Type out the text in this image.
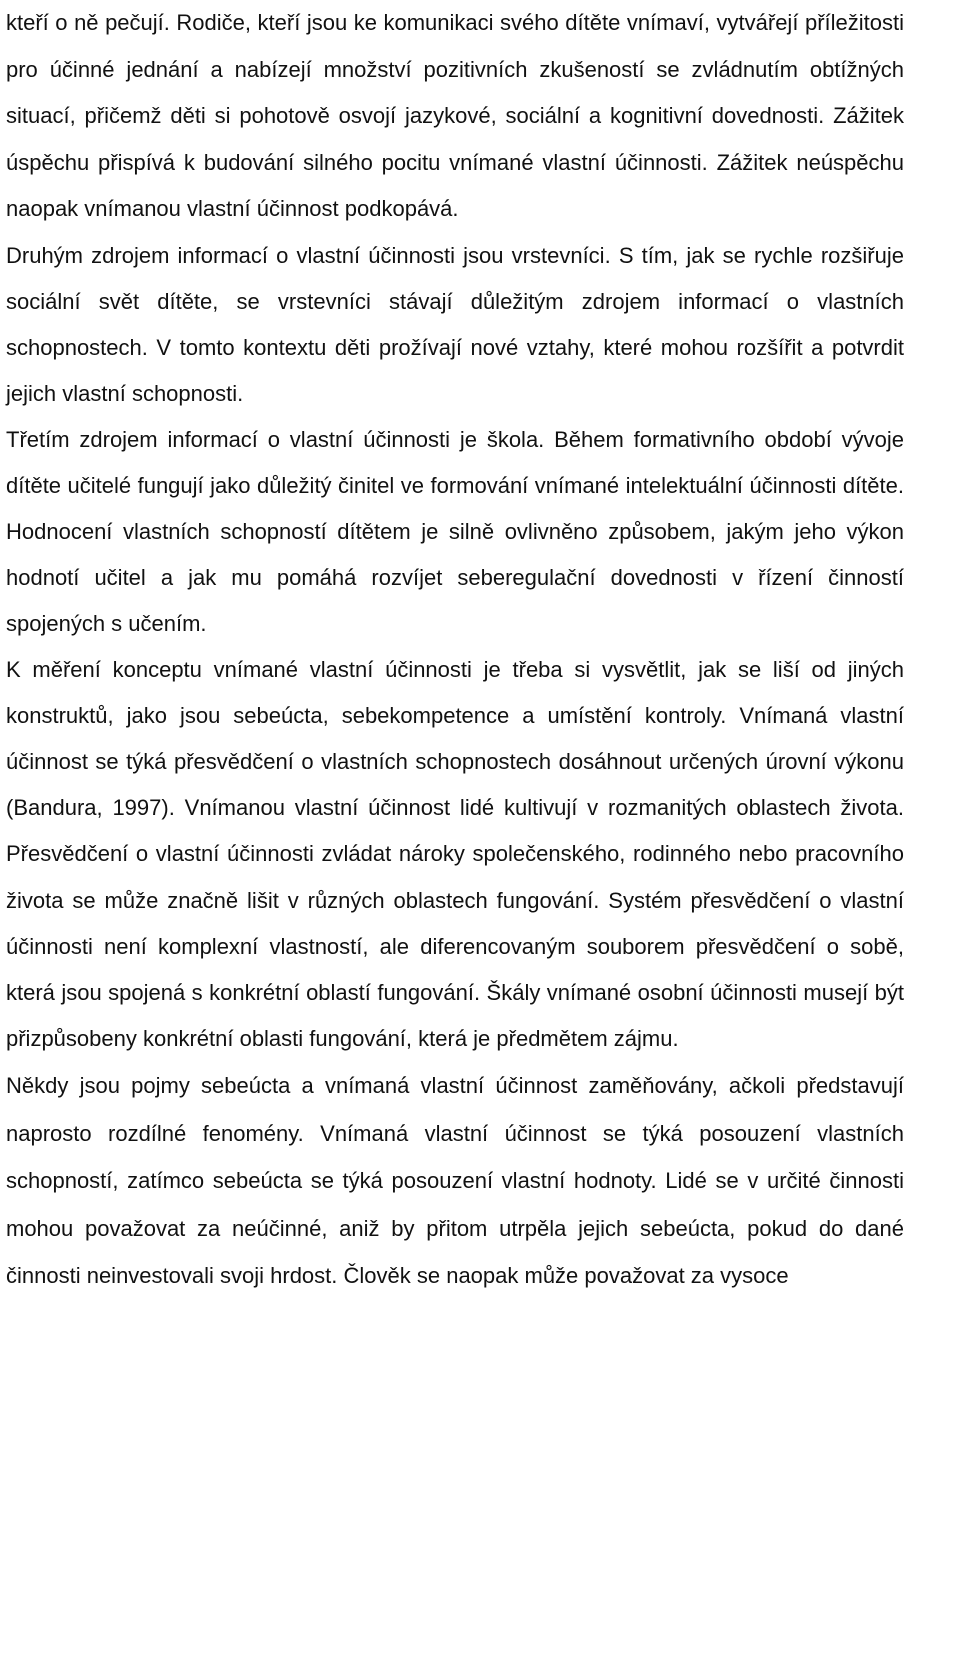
kteří o ně pečují. Rodiče, kteří jsou ke komunikaci svého dítěte vnímaví, vytvářejí příležitosti pro účinné jednání a nabízejí množství pozitivních zkušeností se zvládnutím obtížných situací, přičemž děti si pohotově osvojí jazykové, sociální a kognitivní dovednosti. Zážitek úspěchu přispívá k budování silného pocitu vnímané vlastní účinnosti. Zážitek neúspěchu naopak vnímanou vlastní účinnost podkopává.

Druhým zdrojem informací o vlastní účinnosti jsou vrstevníci. S tím, jak se rychle rozšiřuje sociální svět dítěte, se vrstevníci stávají důležitým zdrojem informací o vlastních schopnostech. V tomto kontextu děti prožívají nové vztahy, které mohou rozšířit a potvrdit jejich vlastní schopnosti.

Třetím zdrojem informací o vlastní účinnosti je škola. Během formativního období vývoje dítěte učitelé fungují jako důležitý činitel ve formování vnímané intelektuální účinnosti dítěte. Hodnocení vlastních schopností dítětem je silně ovlivněno způsobem, jakým jeho výkon hodnotí učitel a jak mu pomáhá rozvíjet seberegulační dovednosti v řízení činností spojených s učením.

K měření konceptu vnímané vlastní účinnosti je třeba si vysvětlit, jak se liší od jiných konstruktů, jako jsou sebeúcta, sebekompetence a umístění kontroly. Vnímaná vlastní účinnost se týká přesvědčení o vlastních schopnostech dosáhnout určených úrovní výkonu (Bandura, 1997). Vnímanou vlastní účinnost lidé kultivují v rozmanitých oblastech života. Přesvědčení o vlastní účinnosti zvládat nároky společenského, rodinného nebo pracovního života se může značně lišit v různých oblastech fungování. Systém přesvědčení o vlastní účinnosti není komplexní vlastností, ale diferencovaným souborem přesvědčení o sobě, která jsou spojená s konkrétní oblastí fungování. Škály vnímané osobní účinnosti musejí být přizpůsobeny konkrétní oblasti fungování, která je předmětem zájmu.

Někdy jsou pojmy sebeúcta a vnímaná vlastní účinnost zaměňovány, ačkoli představují naprosto rozdílné fenomény. Vnímaná vlastní účinnost se týká posouzení vlastních schopností, zatímco sebeúcta se týká posouzení vlastní hodnoty. Lidé se v určité činnosti mohou považovat za neúčinné, aniž by přitom utrpěla jejich sebeúcta, pokud do dané činnosti neinvestovali svoji hrdost. Člověk se naopak může považovat za vysoce
